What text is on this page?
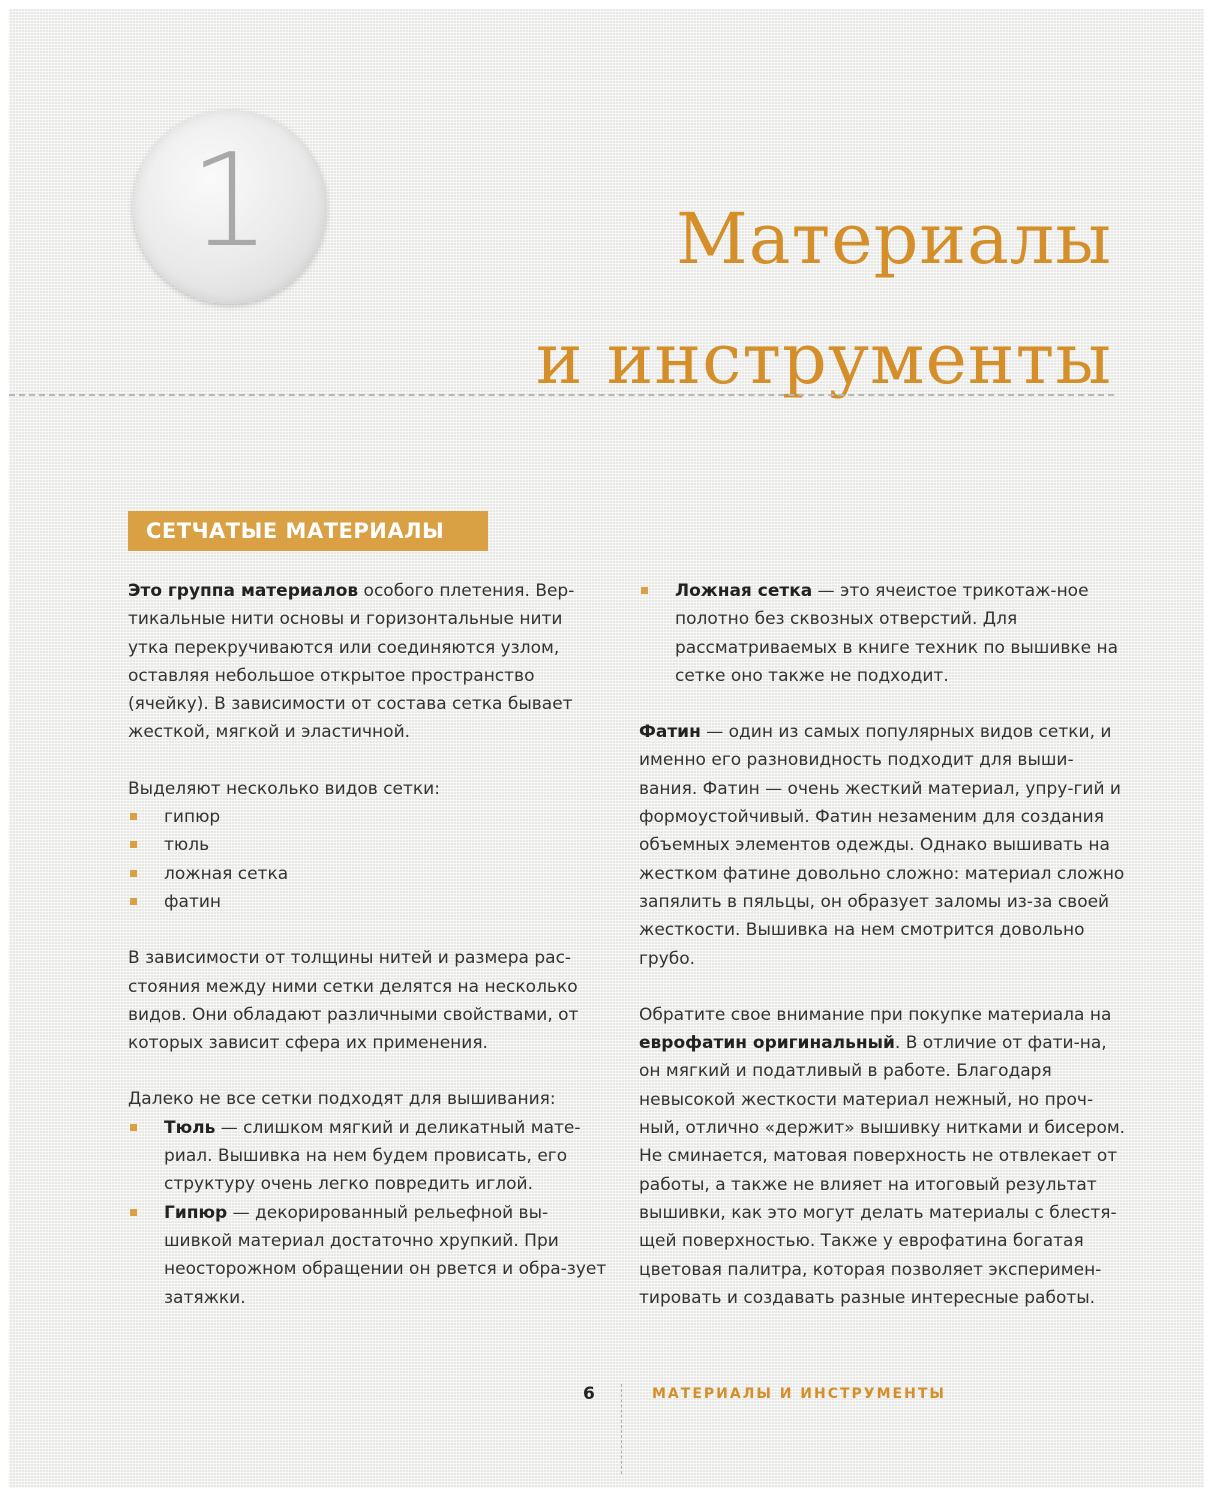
1	Материалы
и инструменты
СЕТЧАТЫЕ МАТЕРИАЛЫ

Это группа материалов особого плетения. Вер-тикальные нити основы и горизонтальные нити утка перекручиваются или соединяются узлом, оставляя небольшое открытое пространство (ячейку). В зависимости от состава сетка бывает жесткой, мягкой и эластичной.

Выделяют несколько видов сетки:

гипюр
тюль
ложная сетка
фатин

В зависимости от толщины нитей и размера рас-стояния между ними сетки делятся на несколько видов. Они обладают различными свойствами, от которых зависит сфера их применения.

Далеко не все сетки подходят для вышивания:

Тюль — слишком мягкий и деликатный мате-риал. Вышивка на нем будем провисать, его структуру очень легко повредить иглой.
Гипюр — декорированный рельефной вы-шивкой материал достаточно хрупкий. При неосторожном обращении он рвется и обра-зует затяжки.
Ложная сетка — это ячеистое трикотаж-ное полотно без сквозных отверстий. Для рассматриваемых в книге техник по вышивке на сетке оно также не подходит.

Фатин — один из самых популярных видов сетки, и именно его разновидность подходит для выши-вания. Фатин — очень жесткий материал, упру-гий и формоустойчивый. Фатин незаменим для создания объемных элементов одежды. Однако вышивать на жестком фатине довольно сложно: материал сложно запялить в пяльцы, он образует заломы из-за своей жесткости. Вышивка на нем смотрится довольно грубо.

Обратите свое внимание при покупке материала на еврофатин оригинальный. В отличие от фати-на, он мягкий и податливый в работе. Благодаря невысокой жесткости материал нежный, но проч-ный, отлично «держит» вышивку нитками и бисером. Не сминается, матовая поверхность не отвлекает от работы, а также не влияет на итоговый результат вышивки, как это могут делать материалы с блестя-щей поверхностью. Также у еврофатина богатая цветовая палитра, которая позволяет эксперимен-тировать и создавать разные интересные работы.

6	МАТЕРИАЛЫ И ИНСТРУМЕНТЫ
